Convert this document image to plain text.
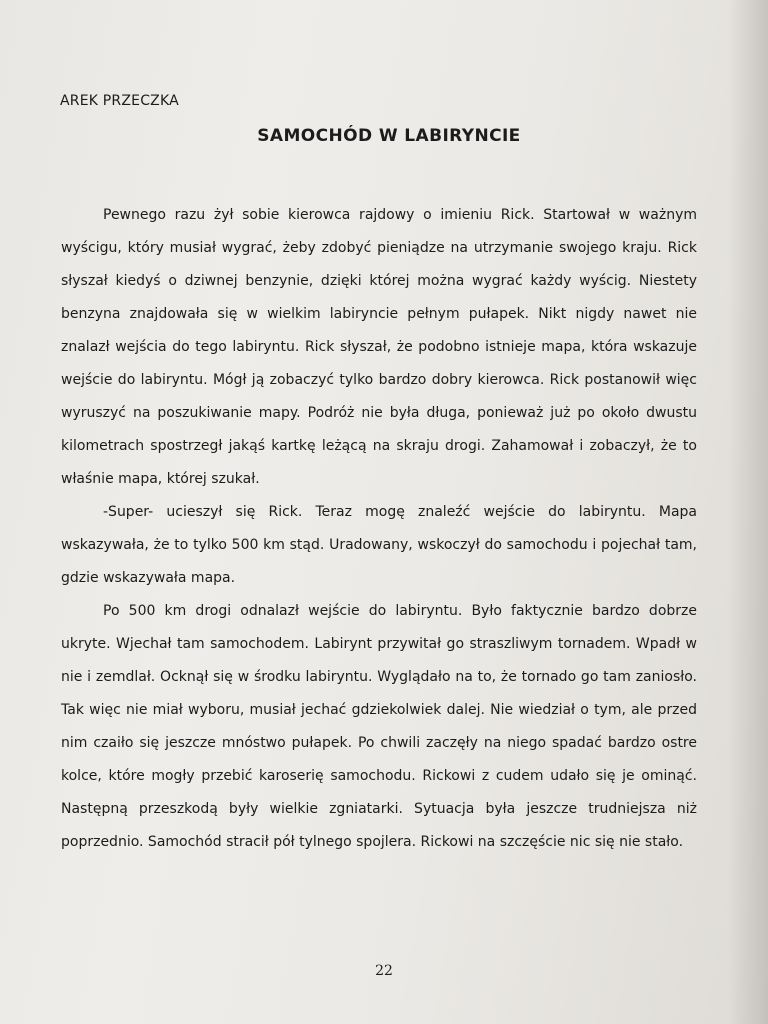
AREK PRZECZKA
SAMOCHÓD W LABIRYNCIE

Pewnego razu żył sobie kierowca rajdowy o imieniu Rick. Startował w ważnym wyścigu, który musiał wygrać, żeby zdobyć pieniądze na utrzymanie swojego kraju. Rick słyszał kiedyś o dziwnej benzynie, dzięki której można wygrać każdy wyścig. Niestety benzyna znajdowała się w wielkim labiryncie pełnym pułapek. Nikt nigdy nawet nie znalazł wejścia do tego labiryntu. Rick słyszał, że podobno istnieje mapa, która wskazuje wejście do labiryntu. Mógł ją zobaczyć tylko bardzo dobry kierowca. Rick postanowił więc wyruszyć na poszukiwanie mapy. Podróż nie była długa, ponieważ już po około dwustu kilometrach spostrzegł jakąś kartkę leżącą na skraju drogi. Zahamował i zobaczył, że to właśnie mapa, której szukał.

-Super- ucieszył się Rick. Teraz mogę znaleźć wejście do labiryntu. Mapa wskazywała, że to tylko 500 km stąd. Uradowany, wskoczył do samochodu i pojechał tam, gdzie wskazywała mapa.

Po 500 km drogi odnalazł wejście do labiryntu. Było faktycznie bardzo dobrze ukryte. Wjechał tam samochodem. Labirynt przywitał go straszliwym tornadem. Wpadł w nie i zemdlał. Ocknął się w środku labiryntu. Wyglądało na to, że tornado go tam zaniosło. Tak więc nie miał wyboru, musiał jechać gdziekolwiek dalej. Nie wiedział o tym, ale przed nim czaiło się jeszcze mnóstwo pułapek. Po chwili zaczęły na niego spadać bardzo ostre kolce, które mogły przebić karoserię samochodu. Rickowi z cudem udało się je ominąć. Następną przeszkodą były wielkie zgniatarki. Sytuacja była jeszcze trudniejsza niż poprzednio. Samochód stracił pół tylnego spojlera. Rickowi na szczęście nic się nie stało.

22
